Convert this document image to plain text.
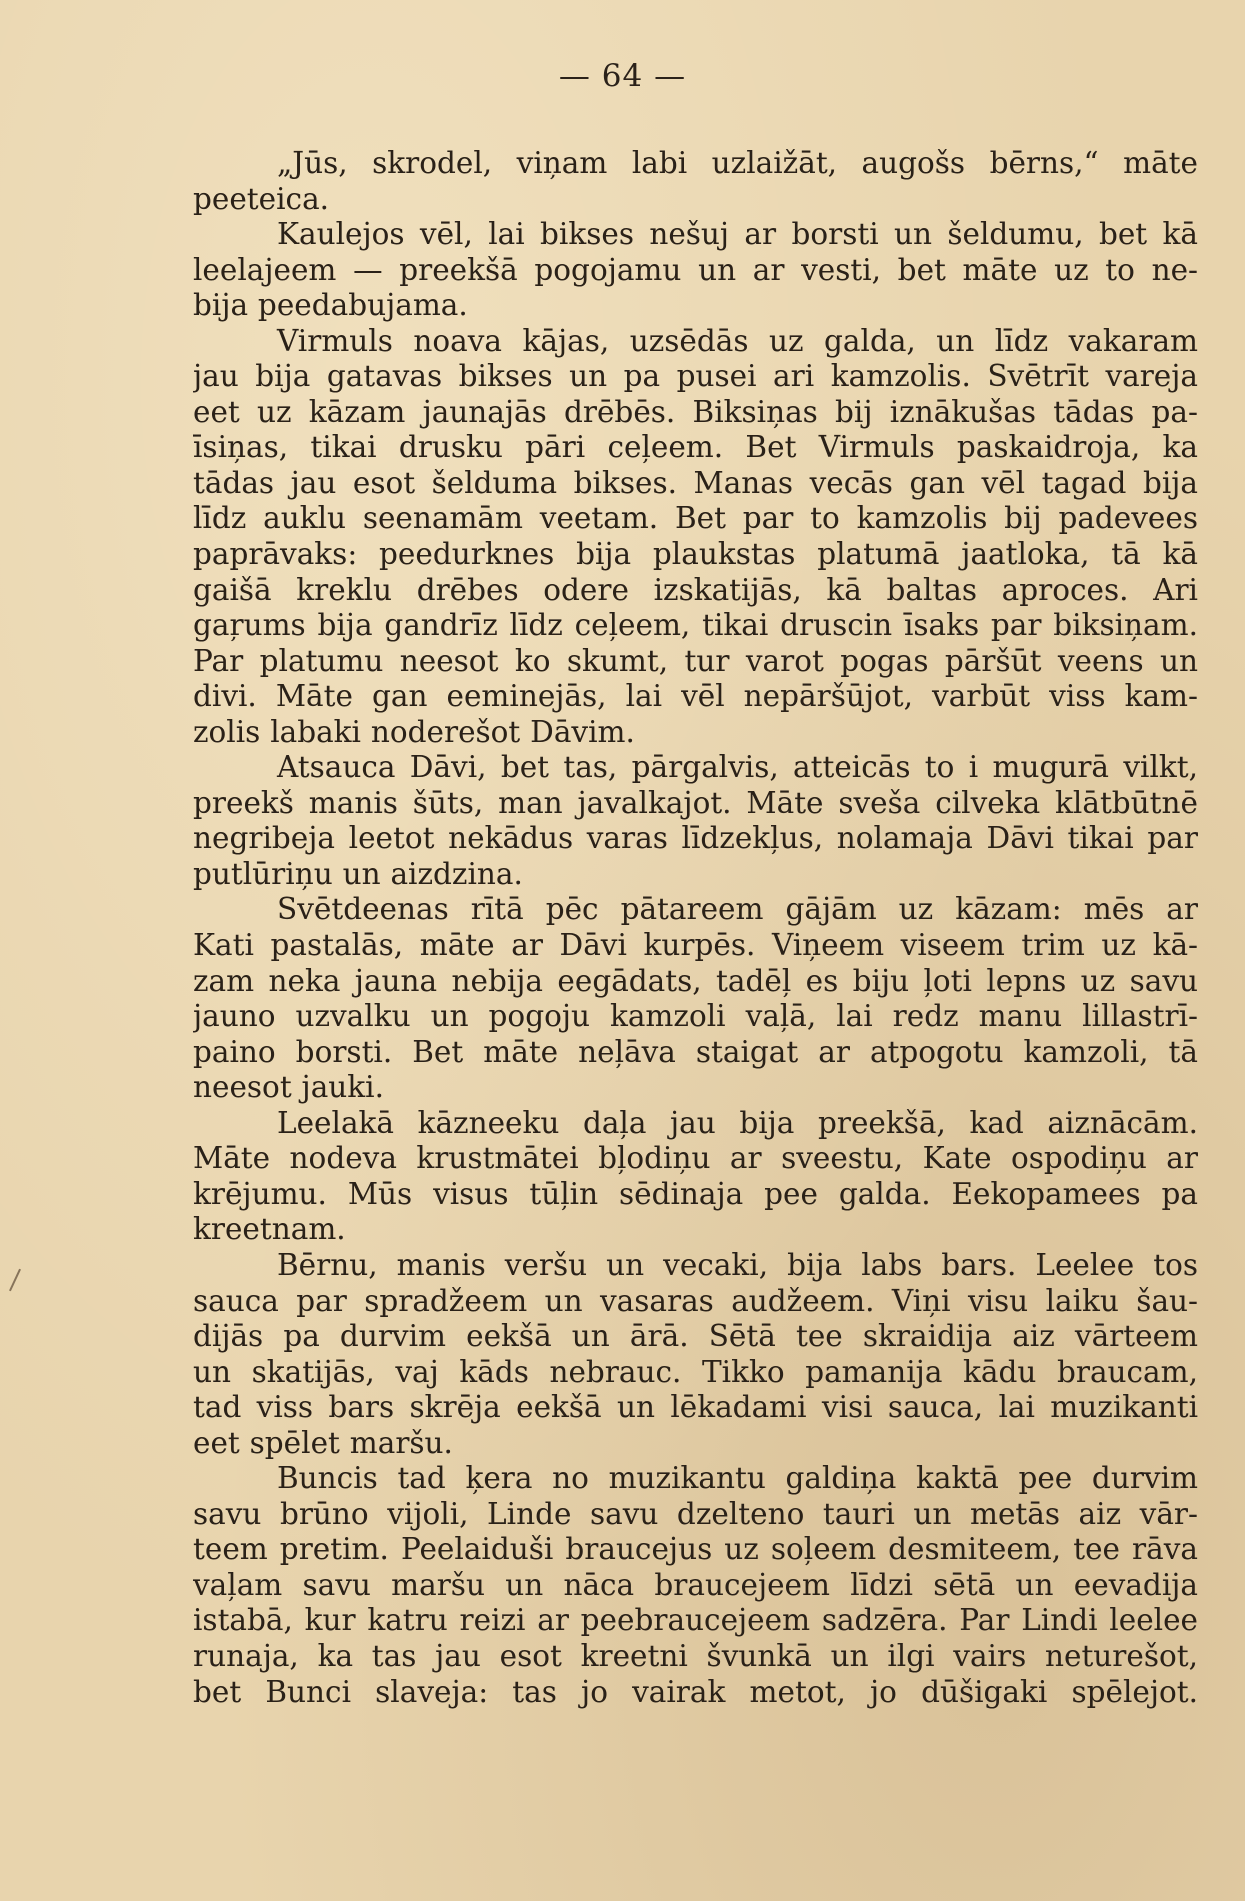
— 64 —
„Jūs, skrodel, viņam labi uzlaižāt, augošs bērns,“ māte
peeteica.
Kaulejos vēl, lai bikses nešuj ar borsti un šeldumu, bet kā
leelajeem — preekšā pogojamu un ar vesti, bet māte uz to ne-
bija peedabujama.
Virmuls noava kājas, uzsēdās uz galda, un līdz vakaram
jau bija gatavas bikses un pa pusei ari kamzolis. Svētrīt vareja
eet uz kāzam jaunajās drēbēs. Biksiņas bij iznākušas tādas pa-
īsiņas, tikai drusku pāri ceļeem. Bet Virmuls paskaidroja, ka
tādas jau esot šelduma bikses. Manas vecās gan vēl tagad bija
līdz auklu seenamām veetam. Bet par to kamzolis bij padevees
paprāvaks: peedurknes bija plaukstas platumā jaatloka, tā kā
gaišā kreklu drēbes odere izskatijās, kā baltas aproces. Ari
gaŗums bija gandrīz līdz ceļeem, tikai druscin īsaks par biksiņam.
Par platumu neesot ko skumt, tur varot pogas pāršūt veens un
divi. Māte gan eeminejās, lai vēl nepāršūjot, varbūt viss kam-
zolis labaki noderešot Dāvim.
Atsauca Dāvi, bet tas, pārgalvis, atteicās to i mugurā vilkt,
preekš manis šūts, man javalkajot. Māte sveša cilveka klātbūtnē
negribeja leetot nekādus varas līdzekļus, nolamaja Dāvi tikai par
putlūriņu un aizdzina.
Svētdeenas rītā pēc pātareem gājām uz kāzam: mēs ar
Kati pastalās, māte ar Dāvi kurpēs. Viņeem viseem trim uz kā-
zam neka jauna nebija eegādats, tadēļ es biju ļoti lepns uz savu
jauno uzvalku un pogoju kamzoli vaļā, lai redz manu lillastrī-
paino borsti. Bet māte neļāva staigat ar atpogotu kamzoli, tā
neesot jauki.
Leelakā kāzneeku daļa jau bija preekšā, kad aiznācām.
Māte nodeva krustmātei bļodiņu ar sveestu, Kate ospodiņu ar
krējumu. Mūs visus tūļin sēdinaja pee galda. Eekopamees pa
kreetnam.
Bērnu, manis veršu un vecaki, bija labs bars. Leelee tos
sauca par spradžeem un vasaras audžeem. Viņi visu laiku šau-
dijās pa durvim eekšā un ārā. Sētā tee skraidija aiz vārteem
un skatijās, vaj kāds nebrauc. Tikko pamanija kādu braucam,
tad viss bars skrēja eekšā un lēkadami visi sauca, lai muzikanti
eet spēlet maršu.
Buncis tad ķera no muzikantu galdiņa kaktā pee durvim
savu brūno vijoli, Linde savu dzelteno tauri un metās aiz vār-
teem pretim. Peelaiduši braucejus uz soļeem desmiteem, tee rāva
vaļam savu maršu un nāca braucejeem līdzi sētā un eevadija
istabā, kur katru reizi ar peebraucejeem sadzēra. Par Lindi leelee
runaja, ka tas jau esot kreetni švunkā un ilgi vairs neturešot,
bet Bunci slaveja: tas jo vairak metot, jo dūšigaki spēlejot.
